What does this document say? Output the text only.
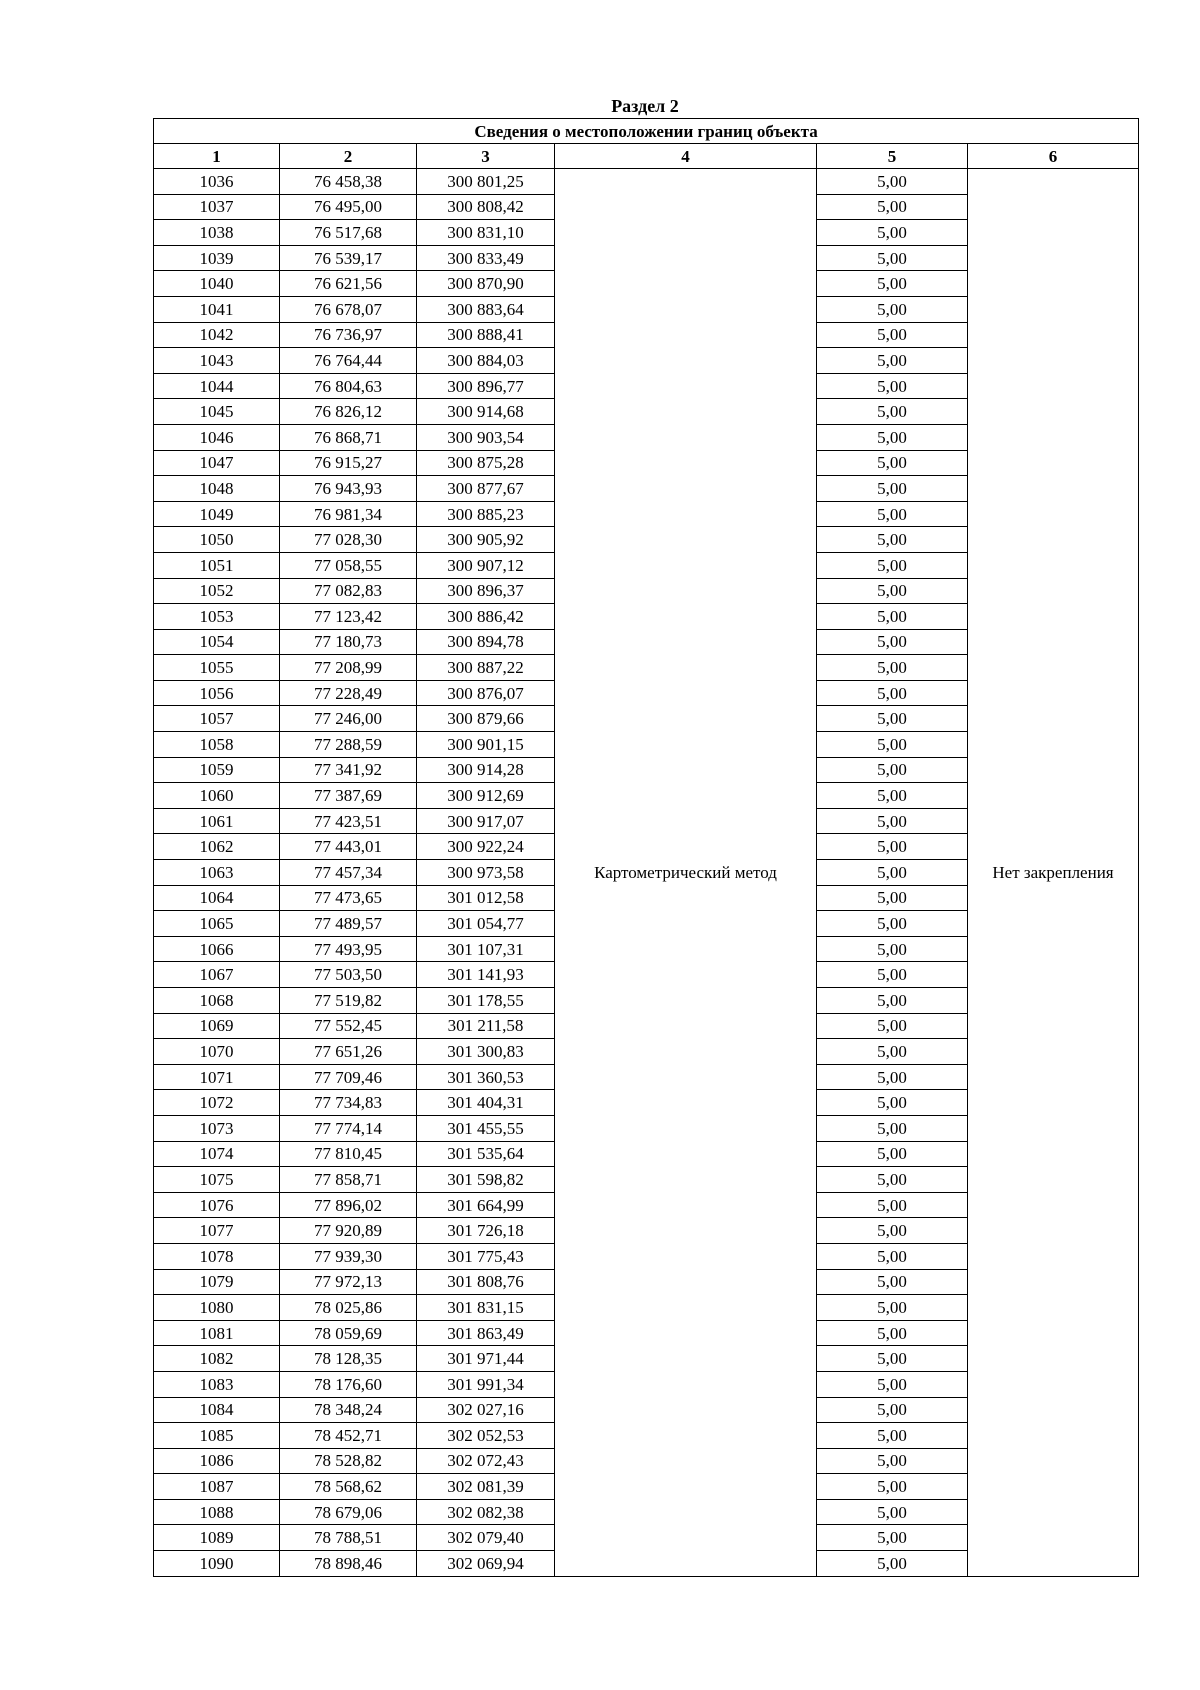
Раздел 2
Сведения о местоположении границ объекта					
1	2	3	4	5	6
1036	76 458,38	300 801,25	Картометрический метод	5,00	Нет закрепления
1037	76 495,00	300 808,42		5,00	
1038	76 517,68	300 831,10		5,00	
1039	76 539,17	300 833,49		5,00	
1040	76 621,56	300 870,90		5,00	
1041	76 678,07	300 883,64		5,00	
1042	76 736,97	300 888,41		5,00	
1043	76 764,44	300 884,03		5,00	
1044	76 804,63	300 896,77		5,00	
1045	76 826,12	300 914,68		5,00	
1046	76 868,71	300 903,54		5,00	
1047	76 915,27	300 875,28		5,00	
1048	76 943,93	300 877,67		5,00	
1049	76 981,34	300 885,23		5,00	
1050	77 028,30	300 905,92		5,00	
1051	77 058,55	300 907,12		5,00	
1052	77 082,83	300 896,37		5,00	
1053	77 123,42	300 886,42		5,00	
1054	77 180,73	300 894,78		5,00	
1055	77 208,99	300 887,22		5,00	
1056	77 228,49	300 876,07		5,00	
1057	77 246,00	300 879,66		5,00	
1058	77 288,59	300 901,15		5,00	
1059	77 341,92	300 914,28		5,00	
1060	77 387,69	300 912,69		5,00	
1061	77 423,51	300 917,07		5,00	
1062	77 443,01	300 922,24		5,00	
1063	77 457,34	300 973,58		5,00	
1064	77 473,65	301 012,58		5,00	
1065	77 489,57	301 054,77		5,00	
1066	77 493,95	301 107,31		5,00	
1067	77 503,50	301 141,93		5,00	
1068	77 519,82	301 178,55		5,00	
1069	77 552,45	301 211,58		5,00	
1070	77 651,26	301 300,83		5,00	
1071	77 709,46	301 360,53		5,00	
1072	77 734,83	301 404,31		5,00	
1073	77 774,14	301 455,55		5,00	
1074	77 810,45	301 535,64		5,00	
1075	77 858,71	301 598,82		5,00	
1076	77 896,02	301 664,99		5,00	
1077	77 920,89	301 726,18		5,00	
1078	77 939,30	301 775,43		5,00	
1079	77 972,13	301 808,76		5,00	
1080	78 025,86	301 831,15		5,00	
1081	78 059,69	301 863,49		5,00	
1082	78 128,35	301 971,44		5,00	
1083	78 176,60	301 991,34		5,00	
1084	78 348,24	302 027,16		5,00	
1085	78 452,71	302 052,53		5,00	
1086	78 528,82	302 072,43		5,00	
1087	78 568,62	302 081,39		5,00	
1088	78 679,06	302 082,38		5,00	
1089	78 788,51	302 079,40		5,00	
1090	78 898,46	302 069,94		5,00	
